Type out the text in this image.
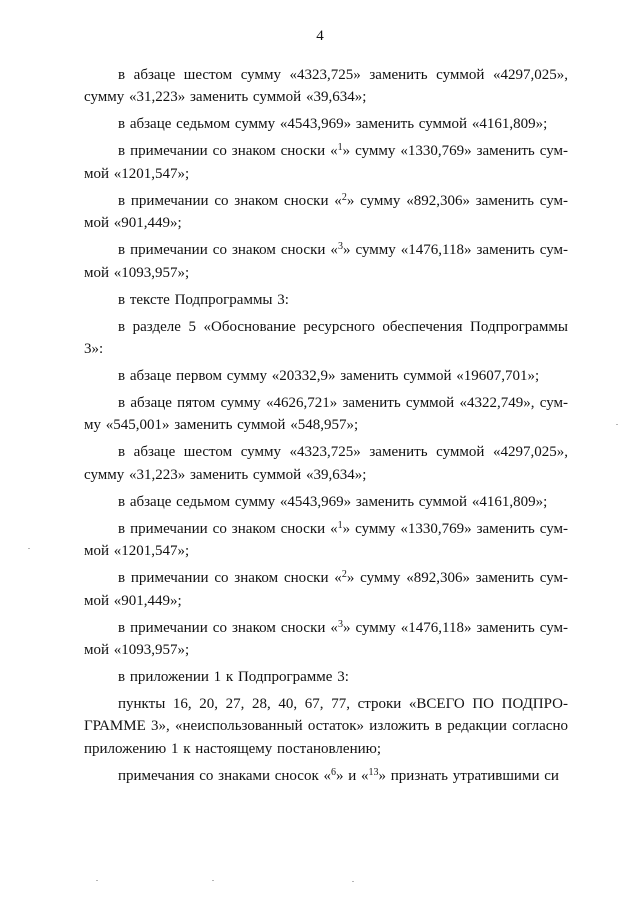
4

в абзаце шестом сумму «4323,725» заменить суммой «4297,025», сумму «31,223» заменить суммой «39,634»;

в абзаце седьмом сумму «4543,969» заменить суммой «4161,809»;

в примечании со знаком сноски «$^1$» сумму «1330,769» заменить суммой «1201,547»;

в примечании со знаком сноски «$^2$» сумму «892,306» заменить суммой «901,449»;

в примечании со знаком сноски «$^3$» сумму «1476,118» заменить суммой «1093,957»;

в тексте Подпрограммы 3:

в разделе 5 «Обоснование ресурсного обеспечения Подпрограммы 3»:

в абзаце первом сумму «20332,9» заменить суммой «19607,701»;

в абзаце пятом сумму «4626,721» заменить суммой «4322,749», сумму «545,001» заменить суммой «548,957»;

в абзаце шестом сумму «4323,725» заменить суммой «4297,025», сумму «31,223» заменить суммой «39,634»;

в абзаце седьмом сумму «4543,969» заменить суммой «4161,809»;

в примечании со знаком сноски «$^1$» сумму «1330,769» заменить суммой «1201,547»;

в примечании со знаком сноски «$^2$» сумму «892,306» заменить суммой «901,449»;

в примечании со знаком сноски «$^3$» сумму «1476,118» заменить суммой «1093,957»;

в приложении 1 к Подпрограмме 3:

пункты 16, 20, 27, 28, 40, 67, 77, строки «ВСЕГО ПО ПОДПРОГРАММЕ 3», «неиспользованный остаток» изложить в редакции согласно приложению 1 к настоящему постановлению;

примечания со знаками сносок «$^6$» и «$^{13}$» признать утратившими си
